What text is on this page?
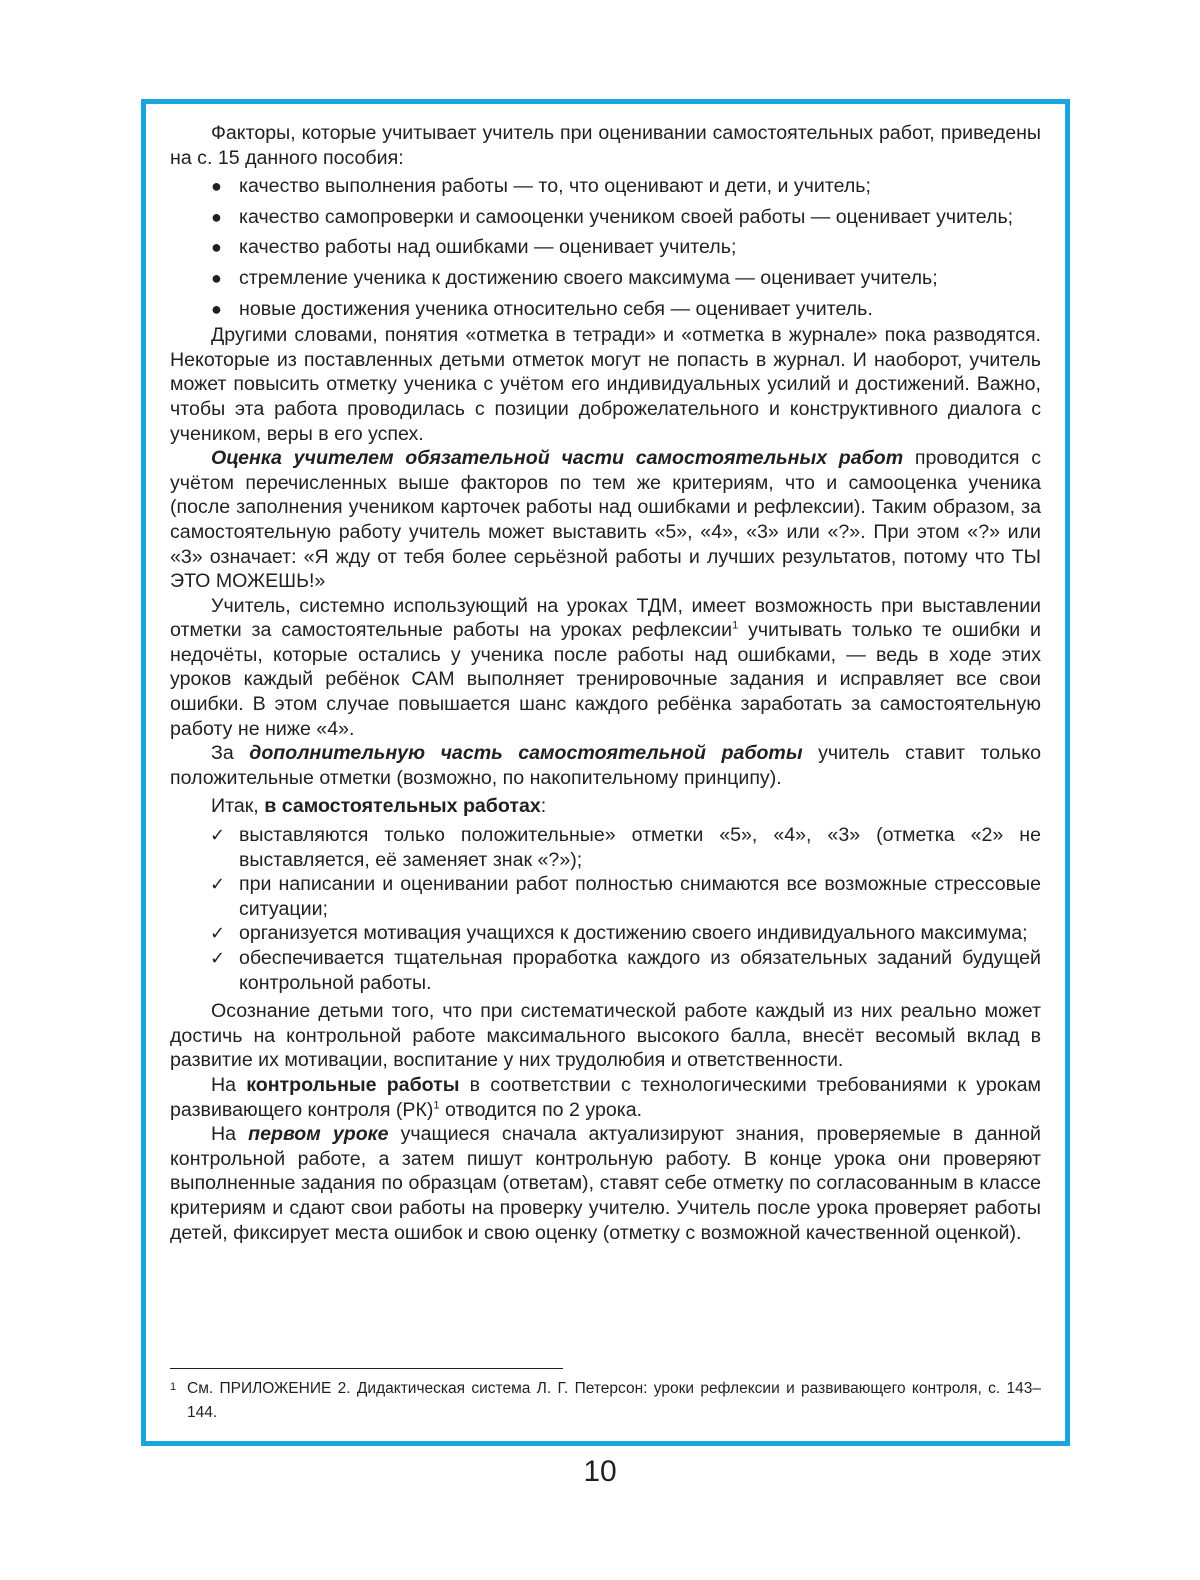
Факторы, которые учитывает учитель при оценивании самостоятельных работ, приведены на с. 15 данного пособия:

● качество выполнения работы — то, что оценивают и дети, и учитель;
● качество самопроверки и самооценки учеником своей работы — оценивает учитель;
● качество работы над ошибками — оценивает учитель;
● стремление ученика к достижению своего максимума — оценивает учитель;
● новые достижения ученика относительно себя — оценивает учитель.

Другими словами, понятия «отметка в тетради» и «отметка в журнале» пока разводятся. Некоторые из поставленных детьми отметок могут не попасть в журнал. И наоборот, учитель может повысить отметку ученика с учётом его индивидуальных усилий и достижений. Важно, чтобы эта работа проводилась с позиции доброжелательного и конструктивного диалога с учеником, веры в его успех.

Оценка учителем обязательной части самостоятельных работ проводится с учётом перечисленных выше факторов по тем же критериям, что и самооценка ученика (после заполнения учеником карточек работы над ошибками и рефлексии). Таким образом, за самостоятельную работу учитель может выставить «5», «4», «3» или «?». При этом «?» или «3» означает: «Я жду от тебя более серьёзной работы и лучших результатов, потому что ТЫ ЭТО МОЖЕШЬ!»

Учитель, системно использующий на уроках ТДМ, имеет возможность при выставлении отметки за самостоятельные работы на уроках рефлексии$^1$ учитывать только те ошибки и недочёты, которые остались у ученика после работы над ошибками, — ведь в ходе этих уроков каждый ребёнок САМ выполняет тренировочные задания и исправляет все свои ошибки. В этом случае повышается шанс каждого ребёнка заработать за самостоятельную работу не ниже «4».

За дополнительную часть самостоятельной работы учитель ставит только положительные отметки (возможно, по накопительному принципу).

Итак, в самостоятельных работах:

✓ выставляются только положительные» отметки «5», «4», «3» (отметка «2» не выставляется, её заменяет знак «?»);
✓ при написании и оценивании работ полностью снимаются все возможные стрессовые ситуации;
✓ организуется мотивация учащихся к достижению своего индивидуального максимума;
✓ обеспечивается тщательная проработка каждого из обязательных заданий будущей контрольной работы.

Осознание детьми того, что при систематической работе каждый из них реально может достичь на контрольной работе максимального высокого балла, внесёт весомый вклад в развитие их мотивации, воспитание у них трудолюбия и ответственности.

На контрольные работы в соответствии с технологическими требованиями к урокам развивающего контроля (РК)$^1$ отводится по 2 урока.

На первом уроке учащиеся сначала актуализируют знания, проверяемые в данной контрольной работе, а затем пишут контрольную работу. В конце урока они проверяют выполненные задания по образцам (ответам), ставят себе отметку по согласованным в классе критериям и сдают свои работы на проверку учителю. Учитель после урока проверяет работы детей, фиксирует места ошибок и свою оценку (отметку с возможной качественной оценкой).

1 См. ПРИЛОЖЕНИЕ 2. Дидактическая система Л. Г. Петерсон: уроки рефлексии и развивающего контроля, с. 143–144.
10
